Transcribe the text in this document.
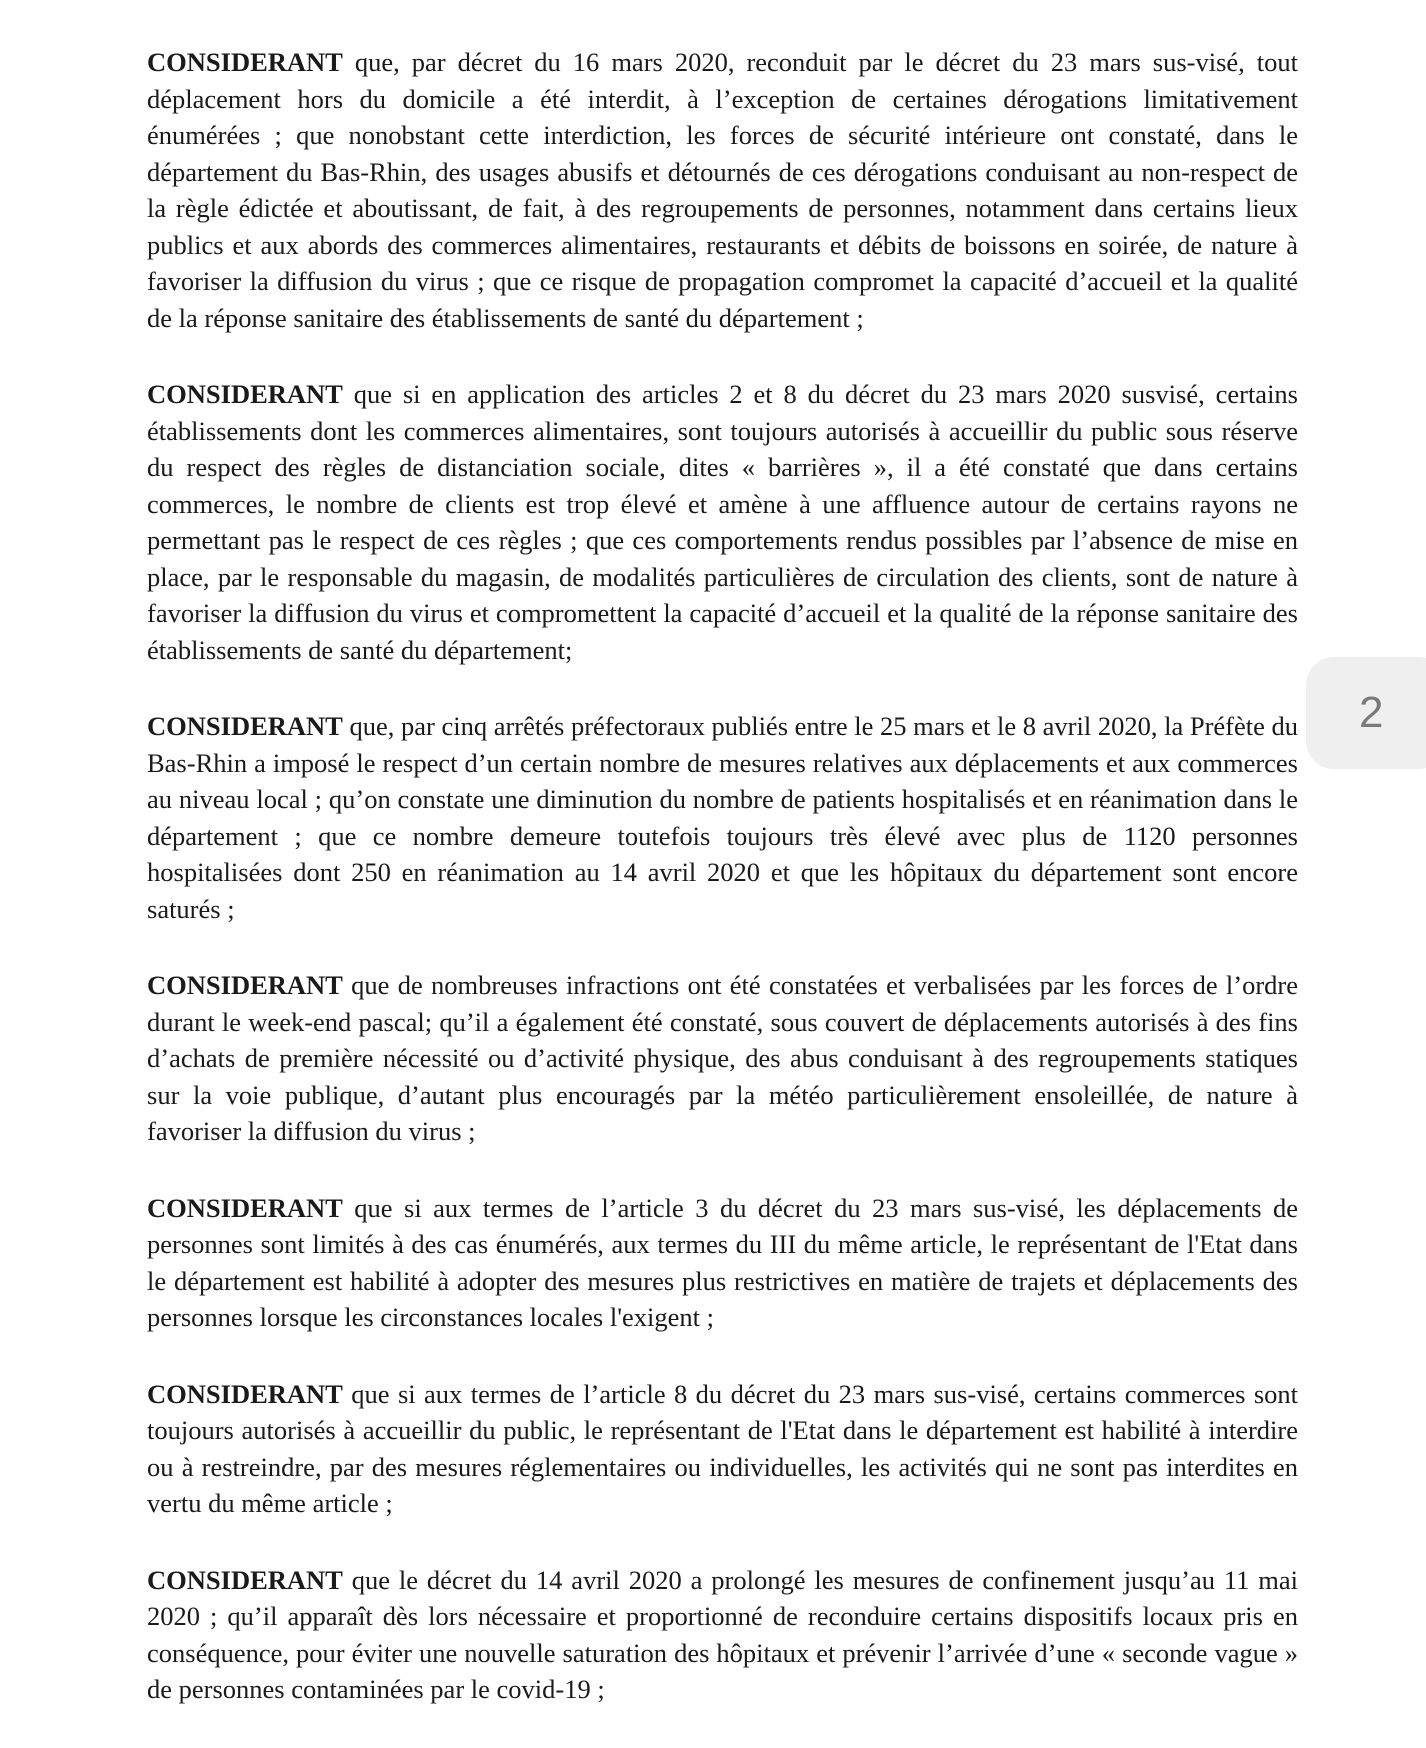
CONSIDERANT que, par décret du 16 mars 2020, reconduit par le décret du 23 mars sus-visé, tout déplacement hors du domicile a été interdit, à l’exception de certaines dérogations limitativement énumérées ; que nonobstant cette interdiction, les forces de sécurité intérieure ont constaté, dans le département du Bas-Rhin, des usages abusifs et détournés de ces dérogations conduisant au non-respect de la règle édictée et aboutissant, de fait, à des regroupements de personnes, notamment dans certains lieux publics et aux abords des commerces alimentaires, restaurants et débits de boissons en soirée, de nature à favoriser la diffusion du virus ; que ce risque de propagation compromet la capacité d’accueil et la qualité de la réponse sanitaire des établissements de santé du département ;

CONSIDERANT que si en application des articles 2 et 8 du décret du 23 mars 2020 susvisé, certains établissements dont les commerces alimentaires, sont toujours autorisés à accueillir du public sous réserve du respect des règles de distanciation sociale, dites « barrières », il a été constaté que dans certains commerces, le nombre de clients est trop élevé et amène à une affluence autour de certains rayons ne permettant pas le respect de ces règles ; que ces comportements rendus possibles par l’absence de mise en place, par le responsable du magasin, de modalités particulières de circulation des clients, sont de nature à favoriser la diffusion du virus et compromettent la capacité d’accueil et la qualité de la réponse sanitaire des établissements de santé du département;

CONSIDERANT que, par cinq arrêtés préfectoraux publiés entre le 25 mars et le 8 avril 2020, la Préfète du Bas-Rhin a imposé le respect d’un certain nombre de mesures relatives aux déplacements et aux commerces au niveau local ; qu’on constate une diminution du nombre de patients hospitalisés et en réanimation dans le département ; que ce nombre demeure toutefois toujours très élevé avec plus de 1120 personnes hospitalisées dont 250 en réanimation au 14 avril 2020 et que les hôpitaux du département sont encore saturés ;

CONSIDERANT que de nombreuses infractions ont été constatées et verbalisées par les forces de l’ordre durant le week-end pascal; qu’il a également été constaté, sous couvert de déplacements autorisés à des fins d’achats de première nécessité ou d’activité physique, des abus conduisant à des regroupements statiques sur la voie publique, d’autant plus encouragés par la météo particulièrement ensoleillée, de nature à favoriser la diffusion du virus ;

CONSIDERANT que si aux termes de l’article 3 du décret du 23 mars sus-visé, les déplacements de personnes sont limités à des cas énumérés, aux termes du III du même article, le représentant de l'Etat dans le département est habilité à adopter des mesures plus restrictives en matière de trajets et déplacements des personnes lorsque les circonstances locales l'exigent ;

CONSIDERANT que si aux termes de l’article 8 du décret du 23 mars sus-visé, certains commerces sont toujours autorisés à accueillir du public, le représentant de l'Etat dans le département est habilité à interdire ou à restreindre, par des mesures réglementaires ou individuelles, les activités qui ne sont pas interdites en vertu du même article ;

CONSIDERANT que le décret du 14 avril 2020 a prolongé les mesures de confinement jusqu’au 11 mai 2020 ; qu’il apparaît dès lors nécessaire et proportionné de reconduire certains dispositifs locaux pris en conséquence, pour éviter une nouvelle saturation des hôpitaux et prévenir l’arrivée d’une « seconde vague » de personnes contaminées par le covid-19 ;

2
